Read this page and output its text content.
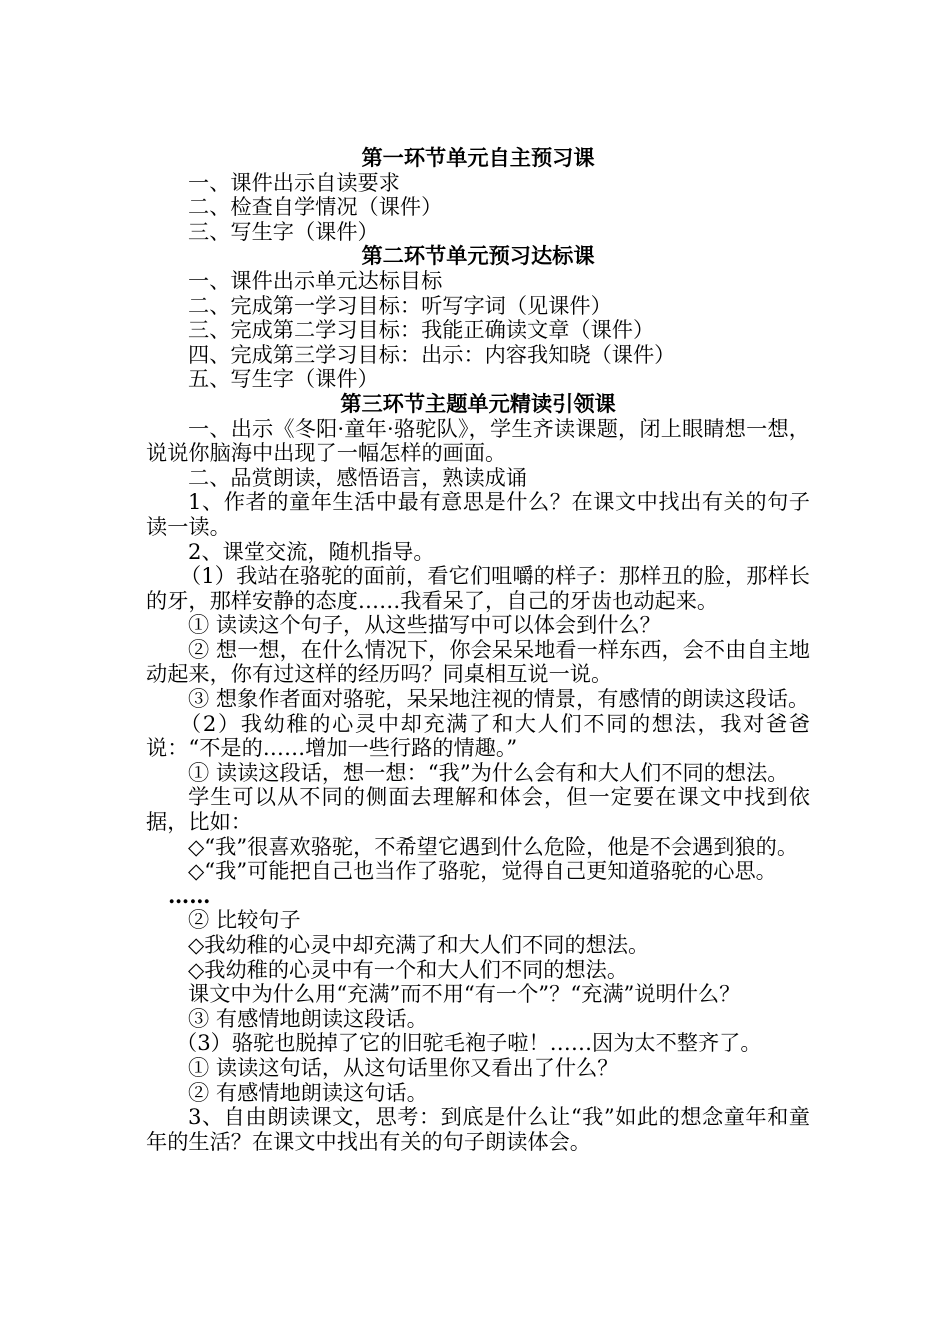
第一环节单元自主预习课
一、课件出示自读要求
二、检查自学情况（课件）
三、写生字（课件）
第二环节单元预习达标课
一、课件出示单元达标目标
二、完成第一学习目标：听写字词（见课件）
三、完成第二学习目标：我能正确读文章（课件）
四、完成第三学习目标：出示：内容我知晓（课件）
五、写生字（课件）
第三环节主题单元精读引领课
一、出示《冬阳·童年·骆驼队》，学生齐读课题，闭上眼睛想一想，说说你脑海中出现了一幅怎样的画面。
二、品赏朗读，感悟语言，熟读成诵
1、作者的童年生活中最有意思是什么？在课文中找出有关的句子读一读。
2、课堂交流，随机指导。
（1）我站在骆驼的面前，看它们咀嚼的样子：那样丑的脸，那样长的牙，那样安静的态度……我看呆了，自己的牙齿也动起来。
① 读读这个句子，从这些描写中可以体会到什么？
② 想一想，在什么情况下，你会呆呆地看一样东西，会不由自主地动起来，你有过这样的经历吗？同桌相互说一说。
③ 想象作者面对骆驼，呆呆地注视的情景，有感情的朗读这段话。
（2）我幼稚的心灵中却充满了和大人们不同的想法，我对爸爸说：“不是的……增加一些行路的情趣。”
① 读读这段话，想一想：“我”为什么会有和大人们不同的想法。
学生可以从不同的侧面去理解和体会，但一定要在课文中找到依据，比如：
◇“我”很喜欢骆驼，不希望它遇到什么危险，他是不会遇到狼的。
◇“我”可能把自己也当作了骆驼，觉得自己更知道骆驼的心思。
……
② 比较句子
◇我幼稚的心灵中却充满了和大人们不同的想法。
◇我幼稚的心灵中有一个和大人们不同的想法。
课文中为什么用“充满”而不用“有一个”？“充满”说明什么？
③ 有感情地朗读这段话。
（3）骆驼也脱掉了它的旧驼毛袍子啦！……因为太不整齐了。
① 读读这句话，从这句话里你又看出了什么？
② 有感情地朗读这句话。
3、自由朗读课文，思考：到底是什么让“我”如此的想念童年和童年的生活？在课文中找出有关的句子朗读体会。
